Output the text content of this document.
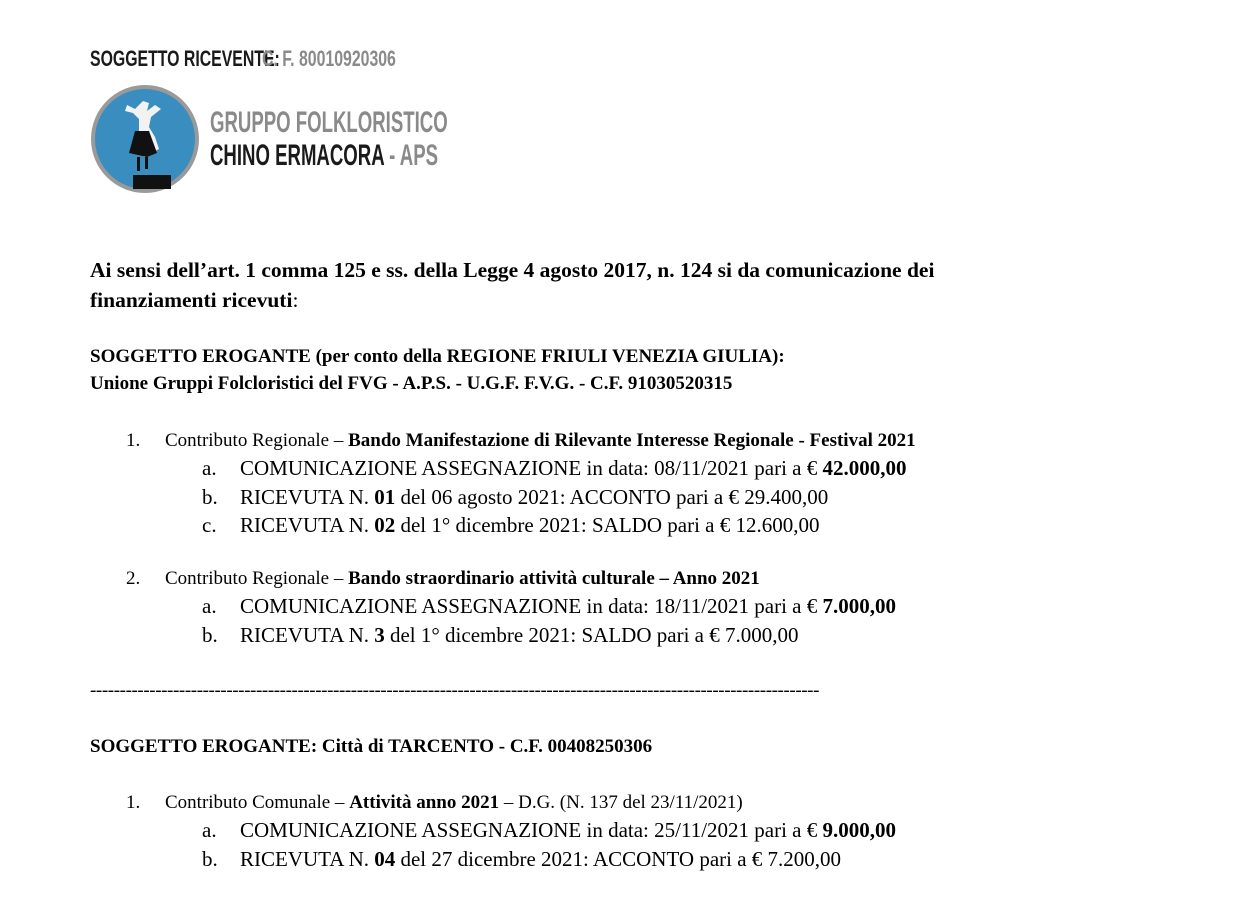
SOGGETTO RICEVENTE:
C. F. 80010920306
GRUPPO FOLKLORISTICO
CHINO ERMACORA - APS
Ai sensi dell’art. 1 comma 125 e ss. della Legge 4 agosto 2017, n. 124 si da comunicazione dei
finanziamenti ricevuti:
SOGGETTO EROGANTE (per conto della REGIONE FRIULI VENEZIA GIULIA):
Unione Gruppi Folcloristici del FVG - A.P.S. - U.G.F. F.V.G. - C.F. 91030520315
1. Contributo Regionale – Bando Manifestazione di Rilevante Interesse Regionale - Festival 2021
a. COMUNICAZIONE ASSEGNAZIONE in data: 08/11/2021 pari a € 42.000,00
b. RICEVUTA N. 01 del 06 agosto 2021: ACCONTO pari a € 29.400,00
c. RICEVUTA N. 02 del 1° dicembre 2021: SALDO pari a € 12.600,00
2. Contributo Regionale – Bando straordinario attività culturale – Anno 2021
a. COMUNICAZIONE ASSEGNAZIONE in data: 18/11/2021 pari a € 7.000,00
b. RICEVUTA N. 3 del 1° dicembre 2021: SALDO pari a € 7.000,00
---------------------------------------------------------------------------------------------------------------------------
SOGGETTO EROGANTE: Città di TARCENTO - C.F. 00408250306
1. Contributo Comunale – Attività anno 2021 – D.G. (N. 137 del 23/11/2021)
a. COMUNICAZIONE ASSEGNAZIONE in data: 25/11/2021 pari a € 9.000,00
b. RICEVUTA N. 04 del 27 dicembre 2021: ACCONTO pari a € 7.200,00
